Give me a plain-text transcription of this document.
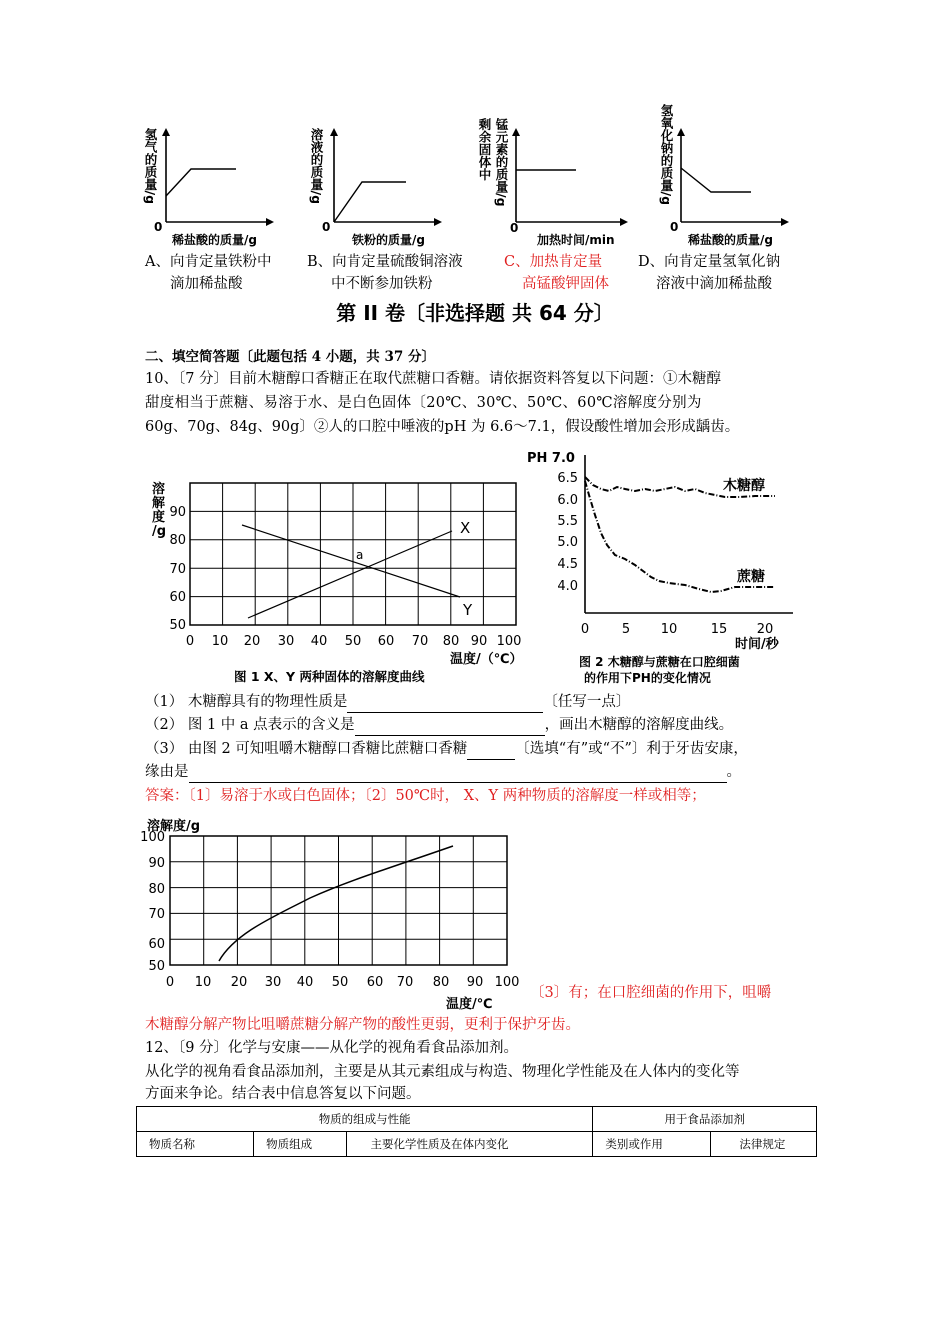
氢气的质量/g
0
稀盐酸的质量/g
溶液的质量/g
0
铁粉的质量/g
剩余固体中 锰元素的质量/g
0
加热时间/min
氢氧化钠的质量/g
0
稀盐酸的质量/g
A、向肯定量铁粉中
滴加稀盐酸
B、向肯定量硫酸铜溶液
中不断参加铁粉
C、加热肯定量
高锰酸钾固体
D、向肯定量氢氧化钠
溶液中滴加稀盐酸
第 II 卷〔非选择题 共 64 分〕
二、填空简答题〔此题包括 4 小题，共 37 分〕
10、〔7 分〕目前木糖醇口香糖正在取代蔗糖口香糖。请依据资料答复以下问题：①木糖醇
甜度相当于蔗糖、易溶于水、是白色固体〔20℃、30℃、50℃、60℃溶解度分别为
60g、70g、84g、90g〕②人的口腔中唾液的pH 为 6.6～7.1，假设酸性增加会形成龋齿。
溶
解
度
/g
a
X
Y
0 10 20 30 40 50 60 70 80 90 100
90
80
70
60
50
温度/（℃）
图 1 X、Y 两种固体的溶解度曲线
PH 7.0
6.5
6.0
5.5
5.0
4.5
4.0
0	5 10	15 20
木糖醇
蔗糖
时间/秒
图 2 木糖醇与蔗糖在口腔细菌
的作用下PH的变化情况
（1） 木糖醇具有的物理性质是	〔任写一点〕
（2） 图 1 中 a 点表示的含义是	，画出木糖醇的溶解度曲线。
（3） 由图 2 可知咀嚼木糖醇口香糖比蔗糖口香糖	〔选填“有”或“不”〕利于牙齿安康，
缘由是	。
答案：〔1〕易溶于水或白色固体；〔2〕50℃时， X、Y 两种物质的溶解度一样或相等；
溶解度/g
100
90
80
70
60
50
0 10 20 30 40 50 60 70 80 90 100
温度/℃
〔3〕有；在口腔细菌的作用下，咀嚼
木糖醇分解产物比咀嚼蔗糖分解产物的酸性更弱，更利于保护牙齿。
12、〔9 分〕化学与安康——从化学的视角看食品添加剂。
从化学的视角看食品添加剂，主要是从其元素组成与构造、物理化学性能及在人体内的变化等
方面来争论。结合表中信息答复以下问题。
物质的组成与性能			用于食品添加剂	
物质名称	物质组成	主要化学性质及在体内变化	类别或作用	法律规定
